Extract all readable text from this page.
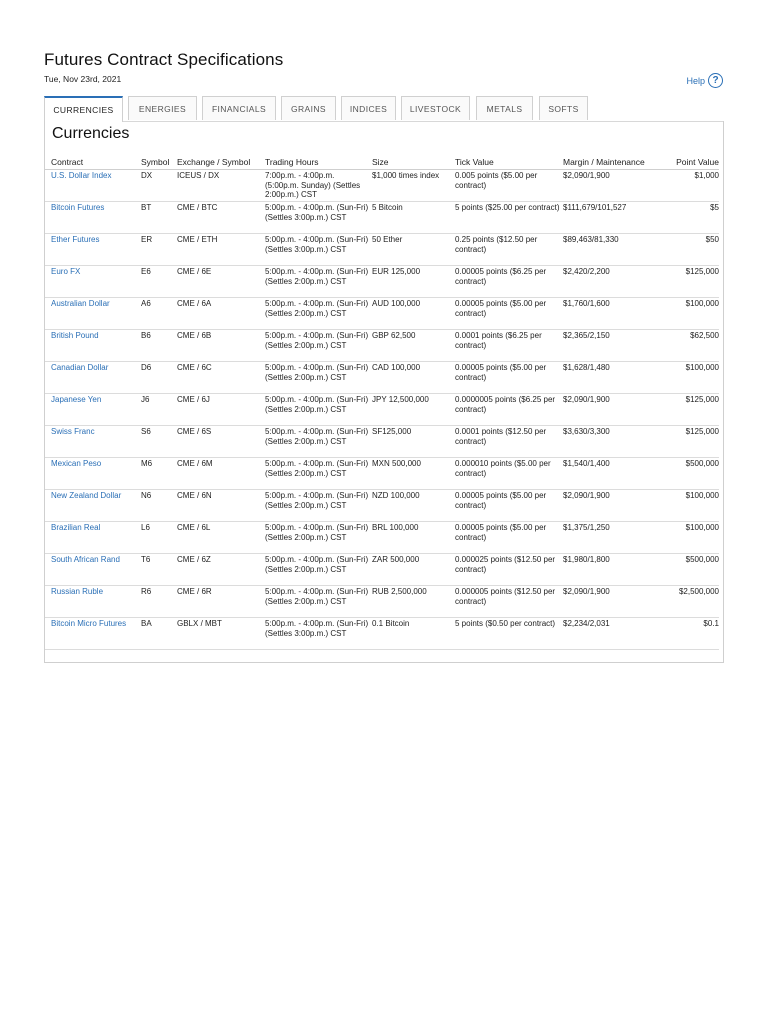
Futures Contract Specifications
Tue, Nov 23rd, 2021	Help ?
CURRENCIES	ENERGIES	FINANCIALS	GRAINS	INDICES	LIVESTOCK	METALS	SOFTS
Currencies
Contract	Symbol	Exchange / Symbol	Trading Hours	Size	Tick Value	Margin / Maintenance	Point Value
U.S. Dollar Index	DX	ICEUS / DX	7:00p.m. - 4:00p.m. (5:00p.m. Sunday) (Settles 2:00p.m.) CST	$1,000 times index	0.005 points ($5.00 per contract)	$2,090/1,900	$1,000
Bitcoin Futures	BT	CME / BTC	5:00p.m. - 4:00p.m. (Sun-Fri) (Settles 3:00p.m.) CST	5 Bitcoin	5 points ($25.00 per contract)	$111,679/101,527	$5
Ether Futures	ER	CME / ETH	5:00p.m. - 4:00p.m. (Sun-Fri) (Settles 3:00p.m.) CST	50 Ether	0.25 points ($12.50 per contract)	$89,463/81,330	$50
Euro FX	E6	CME / 6E	5:00p.m. - 4:00p.m. (Sun-Fri) (Settles 2:00p.m.) CST	EUR 125,000	0.00005 points ($6.25 per contract)	$2,420/2,200	$125,000
Australian Dollar	A6	CME / 6A	5:00p.m. - 4:00p.m. (Sun-Fri) (Settles 2:00p.m.) CST	AUD 100,000	0.00005 points ($5.00 per contract)	$1,760/1,600	$100,000
British Pound	B6	CME / 6B	5:00p.m. - 4:00p.m. (Sun-Fri) (Settles 2:00p.m.) CST	GBP 62,500	0.0001 points ($6.25 per contract)	$2,365/2,150	$62,500
Canadian Dollar	D6	CME / 6C	5:00p.m. - 4:00p.m. (Sun-Fri) (Settles 2:00p.m.) CST	CAD 100,000	0.00005 points ($5.00 per contract)	$1,628/1,480	$100,000
Japanese Yen	J6	CME / 6J	5:00p.m. - 4:00p.m. (Sun-Fri) (Settles 2:00p.m.) CST	JPY 12,500,000	0.0000005 points ($6.25 per contract)	$2,090/1,900	$125,000
Swiss Franc	S6	CME / 6S	5:00p.m. - 4:00p.m. (Sun-Fri) (Settles 2:00p.m.) CST	SF125,000	0.0001 points ($12.50 per contract)	$3,630/3,300	$125,000
Mexican Peso	M6	CME / 6M	5:00p.m. - 4:00p.m. (Sun-Fri) (Settles 2:00p.m.) CST	MXN 500,000	0.000010 points ($5.00 per contract)	$1,540/1,400	$500,000
New Zealand Dollar	N6	CME / 6N	5:00p.m. - 4:00p.m. (Sun-Fri) (Settles 2:00p.m.) CST	NZD 100,000	0.00005 points ($5.00 per contract)	$2,090/1,900	$100,000
Brazilian Real	L6	CME / 6L	5:00p.m. - 4:00p.m. (Sun-Fri) (Settles 2:00p.m.) CST	BRL 100,000	0.00005 points ($5.00 per contract)	$1,375/1,250	$100,000
South African Rand	T6	CME / 6Z	5:00p.m. - 4:00p.m. (Sun-Fri) (Settles 2:00p.m.) CST	ZAR 500,000	0.000025 points ($12.50 per contract)	$1,980/1,800	$500,000
Russian Ruble	R6	CME / 6R	5:00p.m. - 4:00p.m. (Sun-Fri) (Settles 2:00p.m.) CST	RUB 2,500,000	0.000005 points ($12.50 per contract)	$2,090/1,900	$2,500,000
Bitcoin Micro Futures	BA	GBLX / MBT	5:00p.m. - 4:00p.m. (Sun-Fri) (Settles 3:00p.m.) CST	0.1 Bitcoin	5 points ($0.50 per contract)	$2,234/2,031	$0.1
